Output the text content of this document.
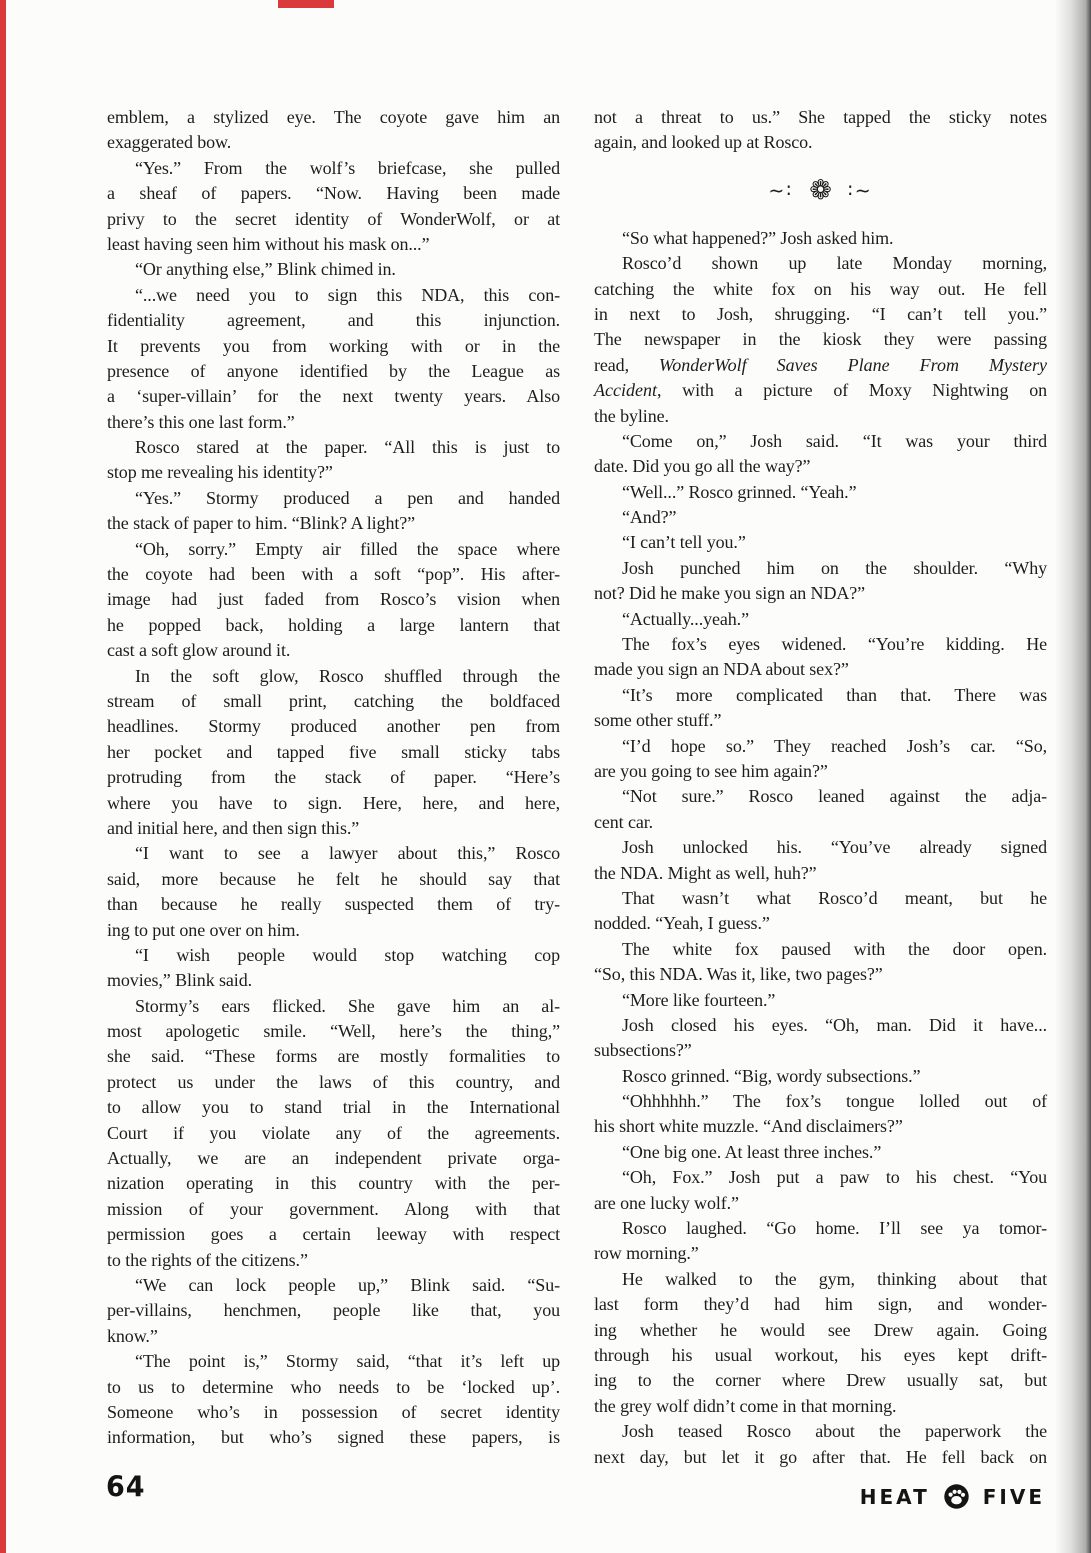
emblem, a stylized eye. The coyote gave him an
exaggerated bow.
“Yes.” From the wolf’s briefcase, she pulled
a sheaf of papers. “Now. Having been made
privy to the secret identity of WonderWolf, or at
least having seen him without his mask on...”
“Or anything else,” Blink chimed in.
“...we need you to sign this NDA, this con-
fidentiality agreement, and this injunction.
It prevents you from working with or in the
presence of anyone identified by the League as
a ‘super-villain’ for the next twenty years. Also
there’s this one last form.”
Rosco stared at the paper. “All this is just to
stop me revealing his identity?”
“Yes.” Stormy produced a pen and handed
the stack of paper to him. “Blink? A light?”
“Oh, sorry.” Empty air filled the space where
the coyote had been with a soft “pop”. His after-
image had just faded from Rosco’s vision when
he popped back, holding a large lantern that
cast a soft glow around it.
In the soft glow, Rosco shuffled through the
stream of small print, catching the boldfaced
headlines. Stormy produced another pen from
her pocket and tapped five small sticky tabs
protruding from the stack of paper. “Here’s
where you have to sign. Here, here, and here,
and initial here, and then sign this.”
“I want to see a lawyer about this,” Rosco
said, more because he felt he should say that
than because he really suspected them of try-
ing to put one over on him.
“I wish people would stop watching cop
movies,” Blink said.
Stormy’s ears flicked. She gave him an al-
most apologetic smile. “Well, here’s the thing,”
she said. “These forms are mostly formalities to
protect us under the laws of this country, and
to allow you to stand trial in the International
Court if you violate any of the agreements.
Actually, we are an independent private orga-
nization operating in this country with the per-
mission of your government. Along with that
permission goes a certain leeway with respect
to the rights of the citizens.”
“We can lock people up,” Blink said. “Su-
per-villains, henchmen, people like that, you
know.”
“The point is,” Stormy said, “that it’s left up
to us to determine who needs to be ‘locked up’.
Someone who’s in possession of secret identity
information, but who’s signed these papers, is
not a threat to us.” She tapped the sticky notes
again, and looked up at Rosco.
∼∶ ❁ ∶∼
“So what happened?” Josh asked him.
Rosco’d shown up late Monday morning,
catching the white fox on his way out. He fell
in next to Josh, shrugging. “I can’t tell you.”
The newspaper in the kiosk they were passing
read, WonderWolf Saves Plane From Mystery
Accident, with a picture of Moxy Nightwing on
the byline.
“Come on,” Josh said. “It was your third
date. Did you go all the way?”
“Well...” Rosco grinned. “Yeah.”
“And?”
“I can’t tell you.”
Josh punched him on the shoulder. “Why
not? Did he make you sign an NDA?”
“Actually...yeah.”
The fox’s eyes widened. “You’re kidding. He
made you sign an NDA about sex?”
“It’s more complicated than that. There was
some other stuff.”
“I’d hope so.” They reached Josh’s car. “So,
are you going to see him again?”
“Not sure.” Rosco leaned against the adja-
cent car.
Josh unlocked his. “You’ve already signed
the NDA. Might as well, huh?”
That wasn’t what Rosco’d meant, but he
nodded. “Yeah, I guess.”
The white fox paused with the door open.
“So, this NDA. Was it, like, two pages?”
“More like fourteen.”
Josh closed his eyes. “Oh, man. Did it have...
subsections?”
Rosco grinned. “Big, wordy subsections.”
“Ohhhhhh.” The fox’s tongue lolled out of
his short white muzzle. “And disclaimers?”
“One big one. At least three inches.”
“Oh, Fox.” Josh put a paw to his chest. “You
are one lucky wolf.”
Rosco laughed. “Go home. I’ll see ya tomor-
row morning.”
He walked to the gym, thinking about that
last form they’d had him sign, and wonder-
ing whether he would see Drew again. Going
through his usual workout, his eyes kept drift-
ing to the corner where Drew usually sat, but
the grey wolf didn’t come in that morning.
Josh teased Rosco about the paperwork the
next day, but let it go after that. He fell back on
64	HEAT	FIVE
